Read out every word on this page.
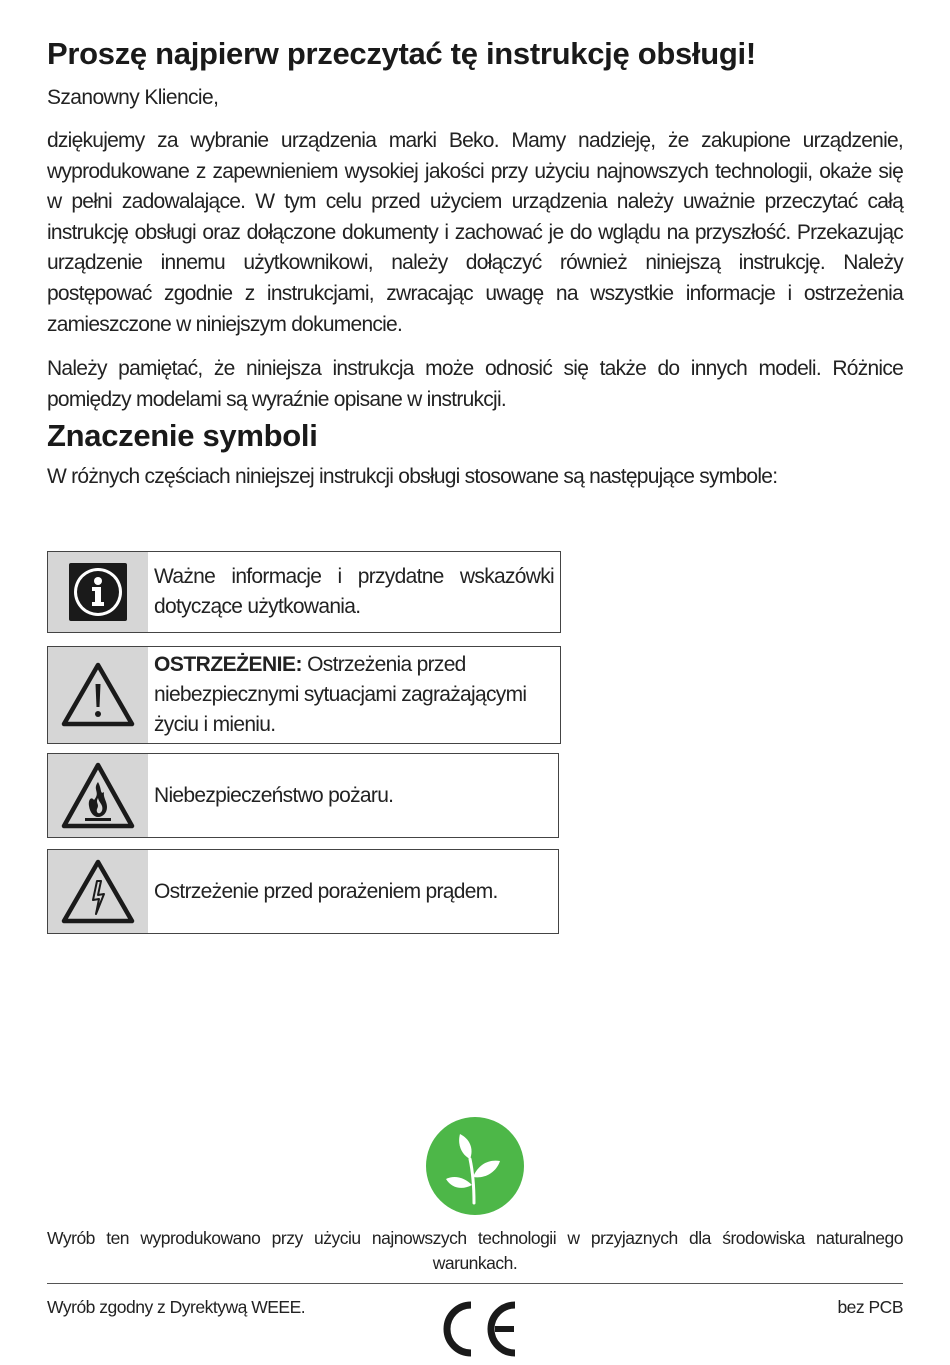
Proszę najpierw przeczytać tę instrukcję obsługi!

Szanowny Kliencie,

dziękujemy za wybranie urządzenia marki Beko. Mamy nadzieję, że zakupione urządzenie, wyprodukowane z zapewnieniem wysokiej jakości przy użyciu najnowszych technologii, okaże się w pełni zadowalające. W tym celu przed użyciem urządzenia należy uważnie przeczytać całą instrukcję obsługi oraz dołączone dokumenty i zachować je do wglądu na przyszłość. Przekazując urządzenie innemu użytkownikowi, należy dołączyć również niniejszą instrukcję. Należy postępować zgodnie z instrukcjami, zwracając uwagę na wszystkie informacje i ostrzeżenia zamieszczone w niniejszym dokumencie.

Należy pamiętać, że niniejsza instrukcja może odnosić się także do innych modeli. Różnice pomiędzy modelami są wyraźnie opisane w instrukcji.

Znaczenie symboli

W różnych częściach niniejszej instrukcji obsługi stosowane są następujące symbole:

Ważne informacje i przydatne wskazówki dotyczące użytkowania.
OSTRZEŻENIE: Ostrzeżenia przed niebezpiecznymi sytuacjami zagrażającymi życiu i mieniu.
Niebezpieczeństwo pożaru.
Ostrzeżenie przed porażeniem prądem.

Wyrób ten wyprodukowano przy użyciu najnowszych technologii w przyjaznych dla środowiska naturalnego warunkach.

Wyrób zgodny z Dyrektywą WEEE.	bez PCB
